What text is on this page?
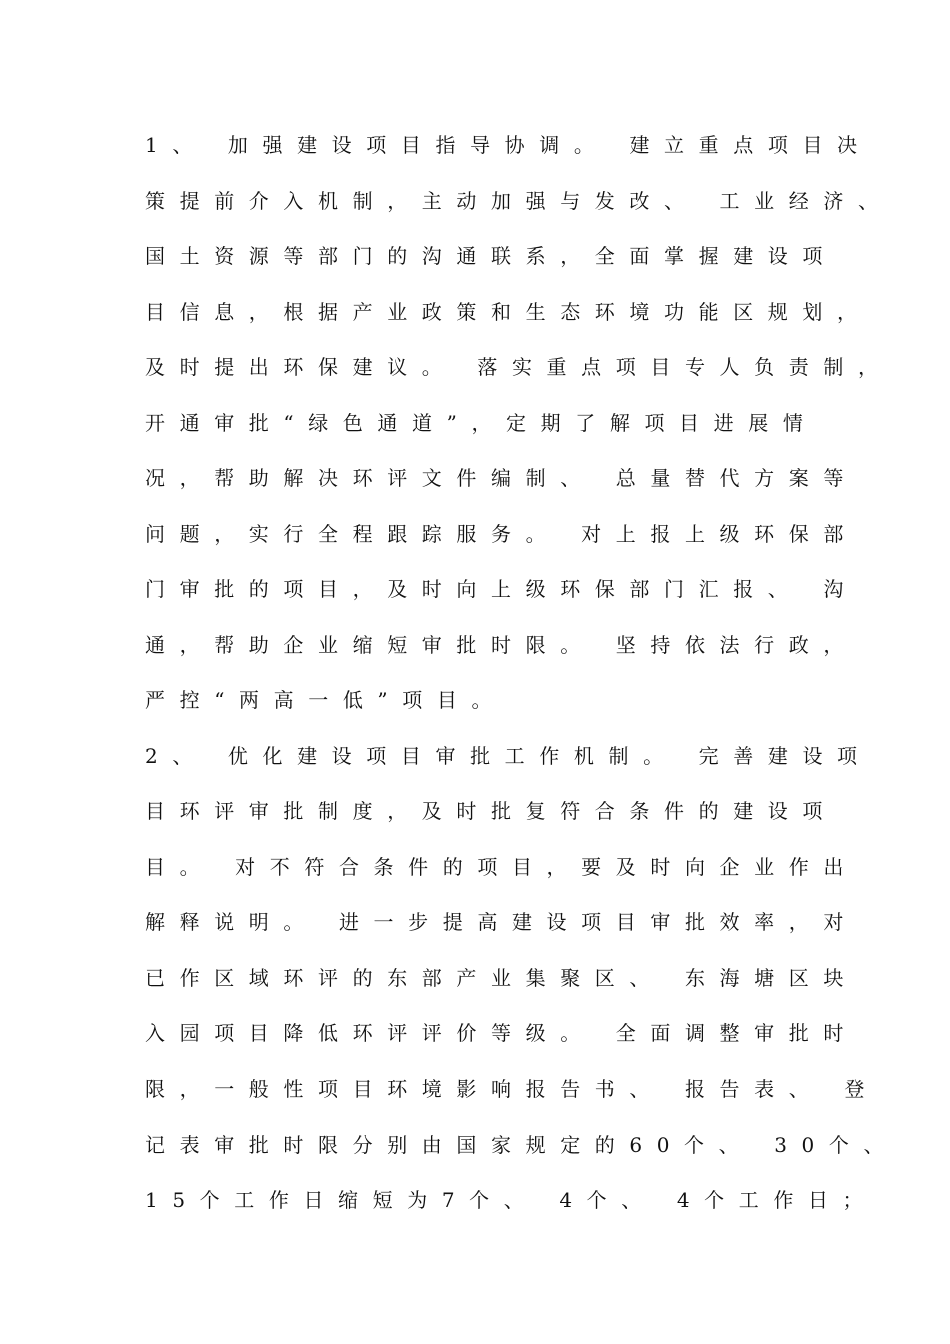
1、 加强建设项目指导协调。 建立重点项目决
策提前介入机制，主动加强与发改、 工业经济、
国土资源等部门的沟通联系，全面掌握建设项
目信息，根据产业政策和生态环境功能区规划，
及时提出环保建议。 落实重点项目专人负责制，
开通审批“绿色通道”，定期了解项目进展情
况，帮助解决环评文件编制、 总量替代方案等
问题，实行全程跟踪服务。 对上报上级环保部
门审批的项目，及时向上级环保部门汇报、 沟
通，帮助企业缩短审批时限。 坚持依法行政，
严控“两高一低”项目。
2、 优化建设项目审批工作机制。 完善建设项
目环评审批制度，及时批复符合条件的建设项
目。 对不符合条件的项目，要及时向企业作出
解释说明。 进一步提高建设项目审批效率，对
已作区域环评的东部产业集聚区、 东海塘区块
入园项目降低环评评价等级。 全面调整审批时
限，一般性项目环境影响报告书、 报告表、 登
记表审批时限分别由国家规定的60个、 30个、
15个工作日缩短为7个、 4个、 4个工作日；
